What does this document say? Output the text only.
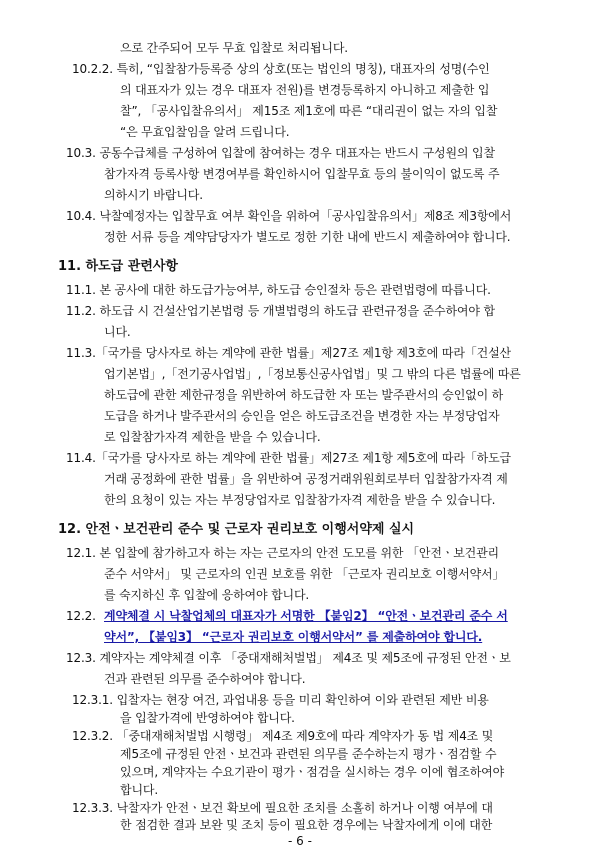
으로 간주되어 모두 무효 입찰로 처리됩니다.
10.2.2. 특히, “입찰참가등록증 상의 상호(또는 법인의 명칭), 대표자의 성명(수인
의 대표자가 있는 경우 대표자 전원)를 변경등록하지 아니하고 제출한 입
찰”, 「공사입찰유의서」 제15조 제1호에 따른 “대리권이 없는 자의 입찰
“은 무효입찰임을 알려 드립니다.
10.3. 공동수급체를 구성하여 입찰에 참여하는 경우 대표자는 반드시 구성원의 입찰
참가자격 등록사항 변경여부를 확인하시어 입찰무효 등의 불이익이 없도록 주
의하시기 바랍니다.
10.4. 낙찰예정자는 입찰무효 여부 확인을 위하여「공사입찰유의서」제8조 제3항에서
정한 서류 등을 계약담당자가 별도로 정한 기한 내에 반드시 제출하여야 합니다.
11. 하도급 관련사항
11.1. 본 공사에 대한 하도급가능여부, 하도급 승인절차 등은 관련법령에 따릅니다.
11.2. 하도급 시 건설산업기본법령 등 개별법령의 하도급 관련규정을 준수하여야 합
니다.
11.3.「국가를 당사자로 하는 계약에 관한 법률」제27조 제1항 제3호에 따라「건설산
업기본법」,「전기공사업법」,「정보통신공사업법」및 그 밖의 다른 법률에 따른
하도급에 관한 제한규정을 위반하여 하도급한 자 또는 발주관서의 승인없이 하
도급을 하거나 발주관서의 승인을 얻은 하도급조건을 변경한 자는 부정당업자
로 입찰참가자격 제한을 받을 수 있습니다.
11.4.「국가를 당사자로 하는 계약에 관한 법률」제27조 제1항 제5호에 따라「하도급
거래 공정화에 관한 법률」을 위반하여 공정거래위원회로부터 입찰참가자격 제
한의 요청이 있는 자는 부정당업자로 입찰참가자격 제한을 받을 수 있습니다.
12. 안전ㆍ보건관리 준수 및 근로자 권리보호 이행서약제 실시
12.1. 본 입찰에 참가하고자 하는 자는 근로자의 안전 도모를 위한 「안전ㆍ보건관리
준수 서약서」 및 근로자의 인권 보호를 위한 「근로자 권리보호 이행서약서」
를 숙지하신 후 입찰에 응하여야 합니다.
12.2. 계약체결 시 낙찰업체의 대표자가 서명한 【붙임2】 “안전ㆍ보건관리 준수 서
약서”, 【붙임3】 “근로자 권리보호 이행서약서” 를 제출하여야 합니다.
12.3. 계약자는 계약체결 이후 「중대재해처벌법」 제4조 및 제5조에 규정된 안전ㆍ보
건과 관련된 의무를 준수하여야 합니다.
12.3.1. 입찰자는 현장 여건, 과업내용 등을 미리 확인하여 이와 관련된 제반 비용
을 입찰가격에 반영하여야 합니다.
12.3.2. 「중대재해처벌법 시행령」 제4조 제9호에 따라 계약자가 동 법 제4조 및
제5조에 규정된 안전ㆍ보건과 관련된 의무를 준수하는지 평가ㆍ점검할 수
있으며, 계약자는 수요기관이 평가ㆍ점검을 실시하는 경우 이에 협조하여야
합니다.
12.3.3. 낙찰자가 안전ㆍ보건 확보에 필요한 조치를 소홀히 하거나 이행 여부에 대
한 점검한 결과 보완 및 조치 등이 필요한 경우에는 낙찰자에게 이에 대한
- 6 -
